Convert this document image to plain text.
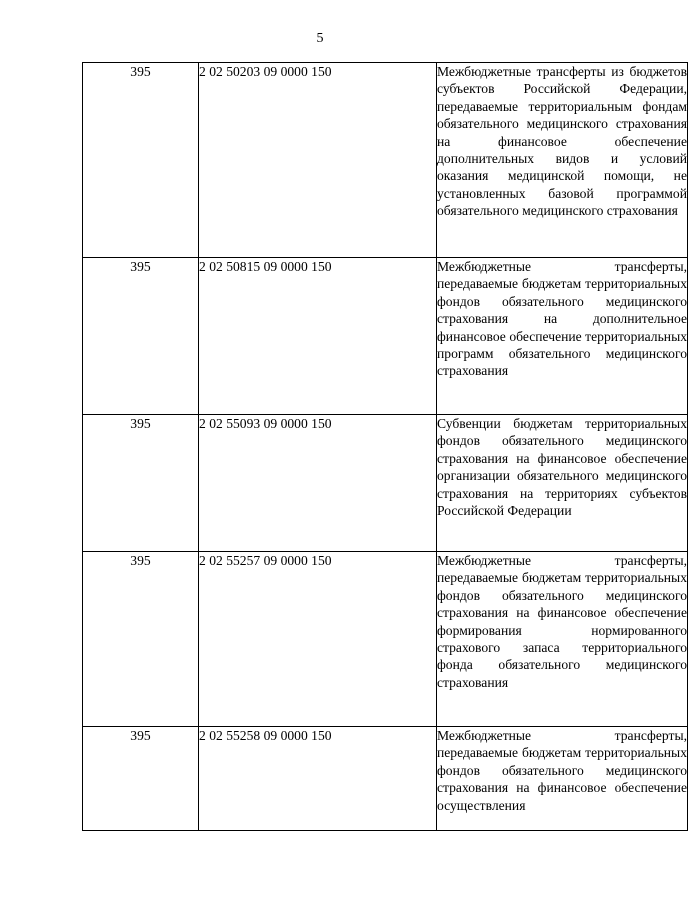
5
395	2 02 50203 09 0000 150	Межбюджетные трансферты из бюджетов субъектов Российской Федерации, передаваемые территориальным фондам обязательного медицинского страхования на финансовое обеспечение дополнительных видов и условий оказания медицинской помощи, не установленных базовой программой обязательного медицинского страхования

395	2 02 50815 09 0000 150	Межбюджетные трансферты, передаваемые бюджетам территориальных фондов обязательного медицинского страхования на дополнительное финансовое обеспечение территориальных программ обязательного медицинского страхования

395	2 02 55093 09 0000 150	Субвенции бюджетам территориальных фондов обязательного медицинского страхования на финансовое обеспечение организации обязательного медицинского страхования на территориях субъектов Российской Федерации

395	2 02 55257 09 0000 150	Межбюджетные трансферты, передаваемые бюджетам территориальных фондов обязательного медицинского страхования на финансовое обеспечение формирования нормированного страхового запаса территориального фонда обязательного медицинского страхования

395	2 02 55258 09 0000 150	Межбюджетные трансферты, передаваемые бюджетам территориальных фондов обязательного медицинского страхования на финансовое обеспечение осуществления
